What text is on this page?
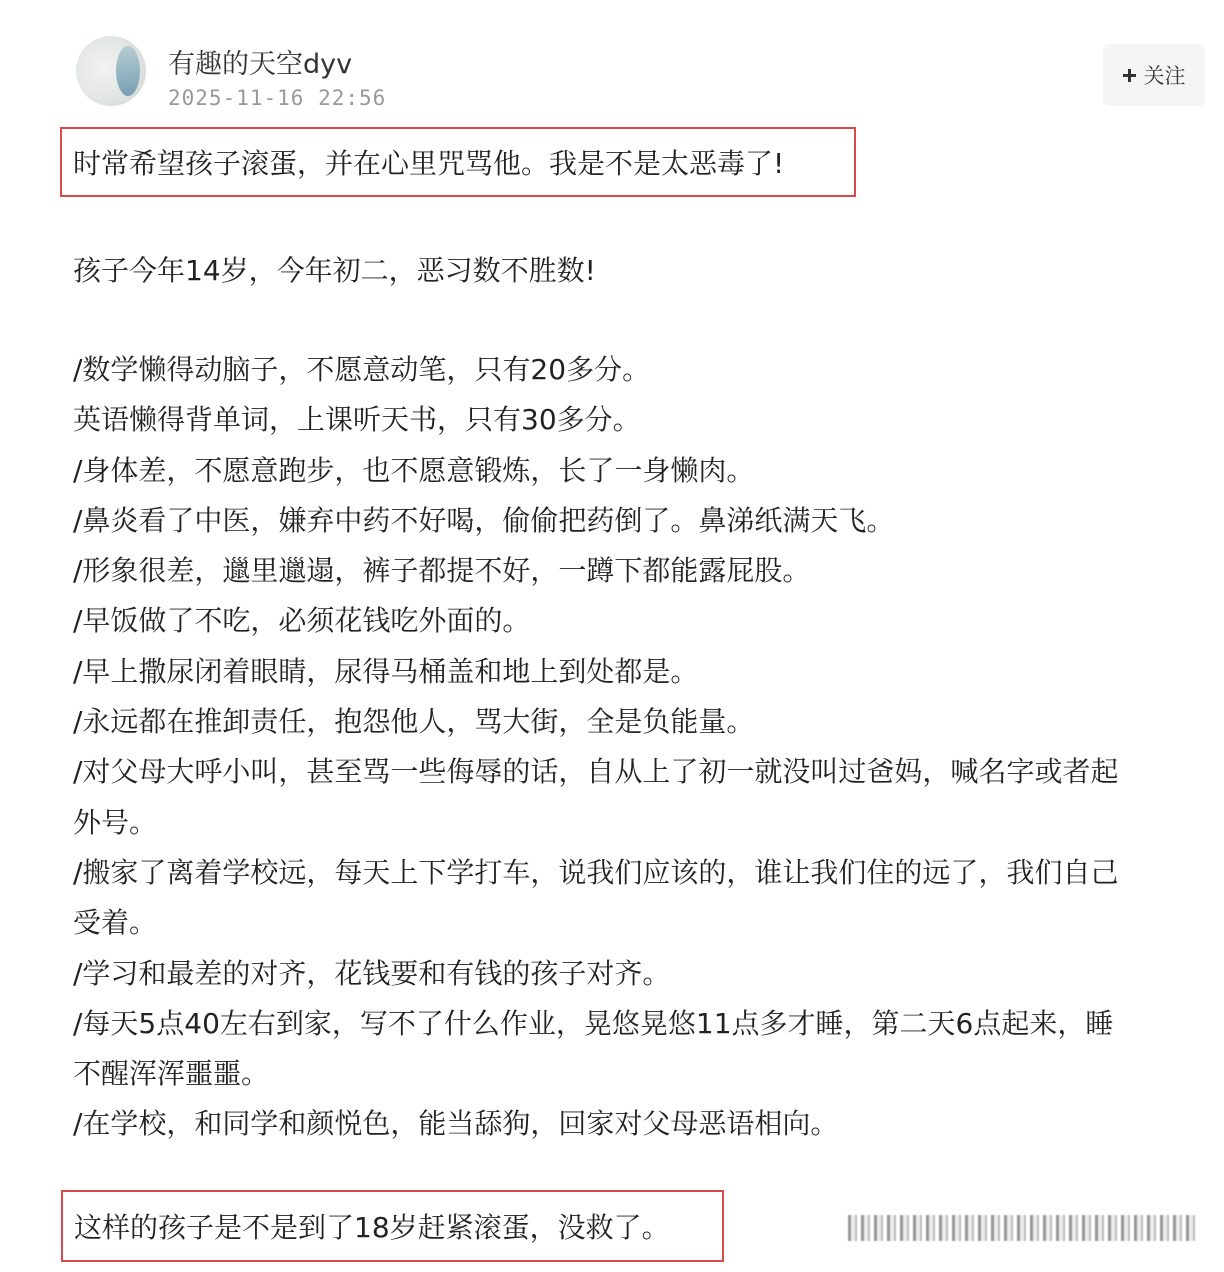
有趣的天空dyv
2025-11-16 22:56
关注
时常希望孩子滚蛋，并在心里咒骂他。我是不是太恶毒了!
孩子今年14岁，今年初二，恶习数不胜数!
/数学懒得动脑子，不愿意动笔，只有20多分。
英语懒得背单词，上课听天书，只有30多分。
/身体差，不愿意跑步，也不愿意锻炼，长了一身懒肉。
/鼻炎看了中医，嫌弃中药不好喝，偷偷把药倒了。鼻涕纸满天飞。
/形象很差，邋里邋遢，裤子都提不好，一蹲下都能露屁股。
/早饭做了不吃，必须花钱吃外面的。
/早上撒尿闭着眼睛，尿得马桶盖和地上到处都是。
/永远都在推卸责任，抱怨他人，骂大街，全是负能量。
/对父母大呼小叫，甚至骂一些侮辱的话，自从上了初一就没叫过爸妈，喊名字或者起
外号。
/搬家了离着学校远，每天上下学打车，说我们应该的，谁让我们住的远了，我们自己
受着。
/学习和最差的对齐，花钱要和有钱的孩子对齐。
/每天5点40左右到家，写不了什么作业，晃悠晃悠11点多才睡，第二天6点起来，睡
不醒浑浑噩噩。
/在学校，和同学和颜悦色，能当舔狗，回家对父母恶语相向。
这样的孩子是不是到了18岁赶紧滚蛋，没救了。
